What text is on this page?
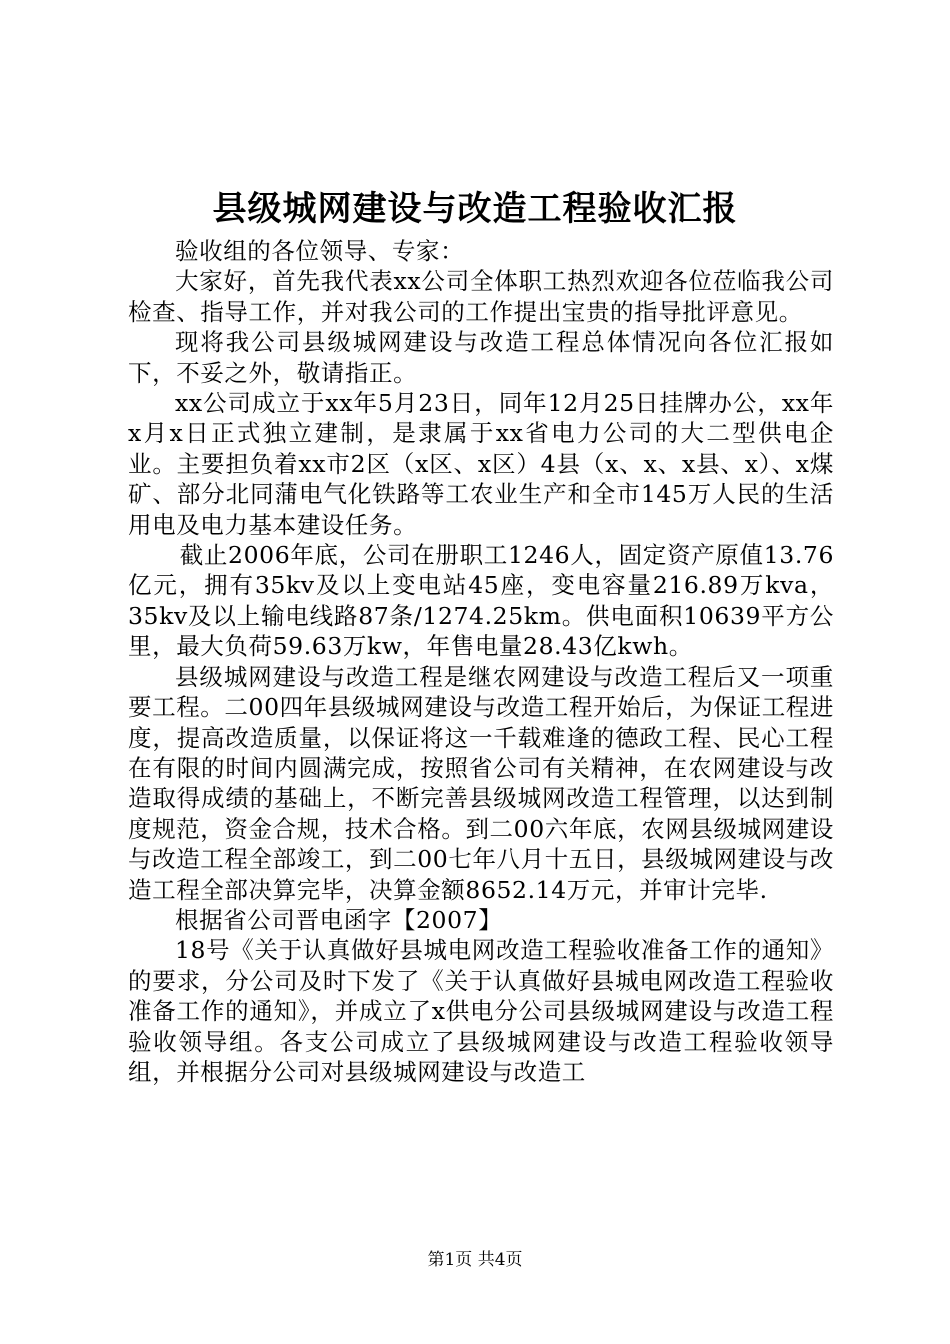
县级城网建设与改造工程验收汇报

验收组的各位领导、专家：

大家好，首先我代表xx公司全体职工热烈欢迎各位莅临我公司检查、指导工作，并对我公司的工作提出宝贵的指导批评意见。

现将我公司县级城网建设与改造工程总体情况向各位汇报如下，不妥之外，敬请指正。

xx公司成立于xx年5月23日，同年12月25日挂牌办公，xx年x月x日正式独立建制，是隶属于xx省电力公司的大二型供电企业。主要担负着xx市2区（x区、x区）4县（x、x、x县、x）、x煤矿、部分北同蒲电气化铁路等工农业生产和全市145万人民的生活用电及电力基本建设任务。

截止2006年底，公司在册职工1246人，固定资产原值13.76亿元，拥有35kv及以上变电站45座，变电容量216.89万kva，35kv及以上输电线路87条/1274.25km。供电面积10639平方公里，最大负荷59.63万kw，年售电量28.43亿kwh。

县级城网建设与改造工程是继农网建设与改造工程后又一项重要工程。二00四年县级城网建设与改造工程开始后，为保证工程进度，提高改造质量，以保证将这一千载难逢的德政工程、民心工程在有限的时间内圆满完成，按照省公司有关精神，在农网建设与改造取得成绩的基础上，不断完善县级城网改造工程管理，以达到制度规范，资金合规，技术合格。到二00六年底，农网县级城网建设与改造工程全部竣工，到二00七年八月十五日，县级城网建设与改造工程全部决算完毕，决算金额8652.14万元，并审计完毕.

根据省公司晋电函字【2007】

18号《关于认真做好县城电网改造工程验收准备工作的通知》的要求，分公司及时下发了《关于认真做好县城电网改造工程验收准备工作的通知》，并成立了x供电分公司县级城网建设与改造工程验收领导组。各支公司成立了县级城网建设与改造工程验收领导组，并根据分公司对县级城网建设与改造工

第1页 共4页
